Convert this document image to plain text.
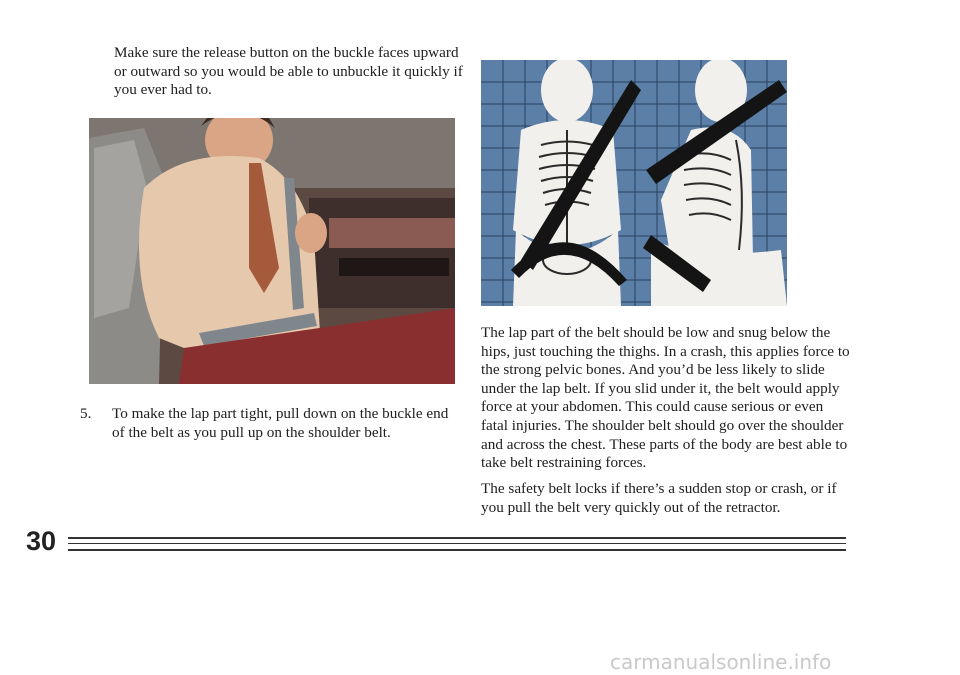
Make sure the release button on the buckle faces upward or outward so you would be able to unbuckle it quickly if you ever had to.

5.	To make the lap part tight, pull down on the buckle end of the belt as you pull up on the shoulder belt.

The lap part of the belt should be low and snug below the hips, just touching the thighs. In a crash, this applies force to the strong pelvic bones. And you’d be less likely to slide under the lap belt. If you slid under it, the belt would apply force at your abdomen. This could cause serious or even fatal injuries. The shoulder belt should go over the shoulder and across the chest. These parts of the body are best able to take belt restraining forces.

The safety belt locks if there’s a sudden stop or crash, or if you pull the belt very quickly out of the retractor.

30
carmanualsonline.info
